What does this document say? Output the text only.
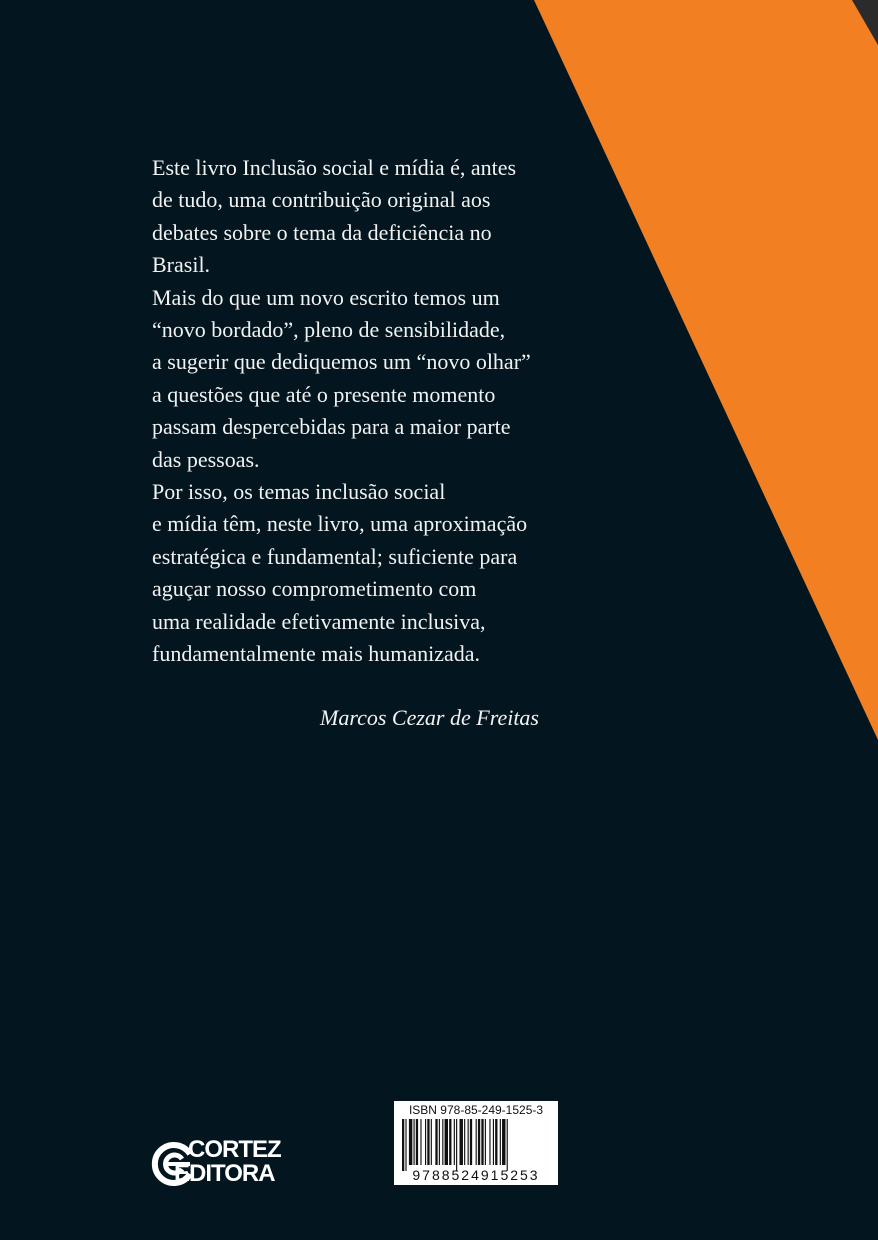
Este livro Inclusão social e mídia é, antes
de tudo, uma contribuição original aos
debates sobre o tema da deficiência no
Brasil.
Mais do que um novo escrito temos um
“novo bordado”, pleno de sensibilidade,
a sugerir que dediquemos um “novo olhar”
a questões que até o presente momento
passam despercebidas para a maior parte
das pessoas.
Por isso, os temas inclusão social
e mídia têm, neste livro, uma aproximação
estratégica e fundamental; suficiente para
aguçar nosso comprometimento com
uma realidade efetivamente inclusiva,
fundamentalmente mais humanizada.
Marcos Cezar de Freitas
CORTEZ
EDITORA
ISBN 978-85-249-1525-3
9788524915253
